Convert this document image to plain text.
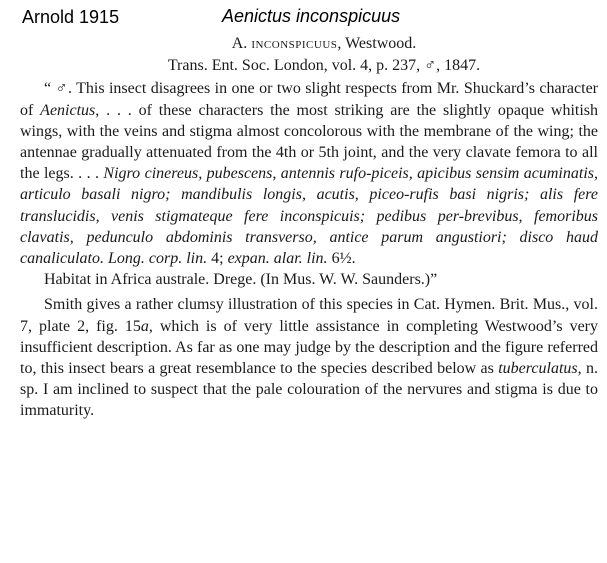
Arnold 1915	Aenictus inconspicuus
A. inconspicuus, Westwood.
Trans. Ent. Soc. London, vol. 4, p. 237, ♂, 1847.

“ ♂. This insect disagrees in one or two slight respects from Mr. Shuckard’s character of Aenictus, . . . of these characters the most striking are the slightly opaque whitish wings, with the veins and stigma almost concolorous with the membrane of the wing; the antennae gradually attenuated from the 4th or 5th joint, and the very clavate femora to all the legs. . . . Nigro cinereus, pubescens, antennis rufo-piceis, apicibus sensim acuminatis, articulo basali nigro; mandibulis longis, acutis, piceo-rufis basi nigris; alis fere translucidis, venis stigmateque fere inconspicuis; pedibus per-brevibus, femoribus clavatis, pedunculo abdominis transverso, antice parum angustiori; disco haud canaliculato. Long. corp. lin. 4; expan. alar. lin. 6½.

Habitat in Africa australe. Drege. (In Mus. W. W. Saunders.)”

Smith gives a rather clumsy illustration of this species in Cat. Hymen. Brit. Mus., vol. 7, plate 2, fig. 15a, which is of very little assistance in completing Westwood’s very insufficient description. As far as one may judge by the description and the figure referred to, this insect bears a great resemblance to the species described below as tuberculatus, n. sp. I am inclined to suspect that the pale colouration of the nervures and stigma is due to immaturity.
